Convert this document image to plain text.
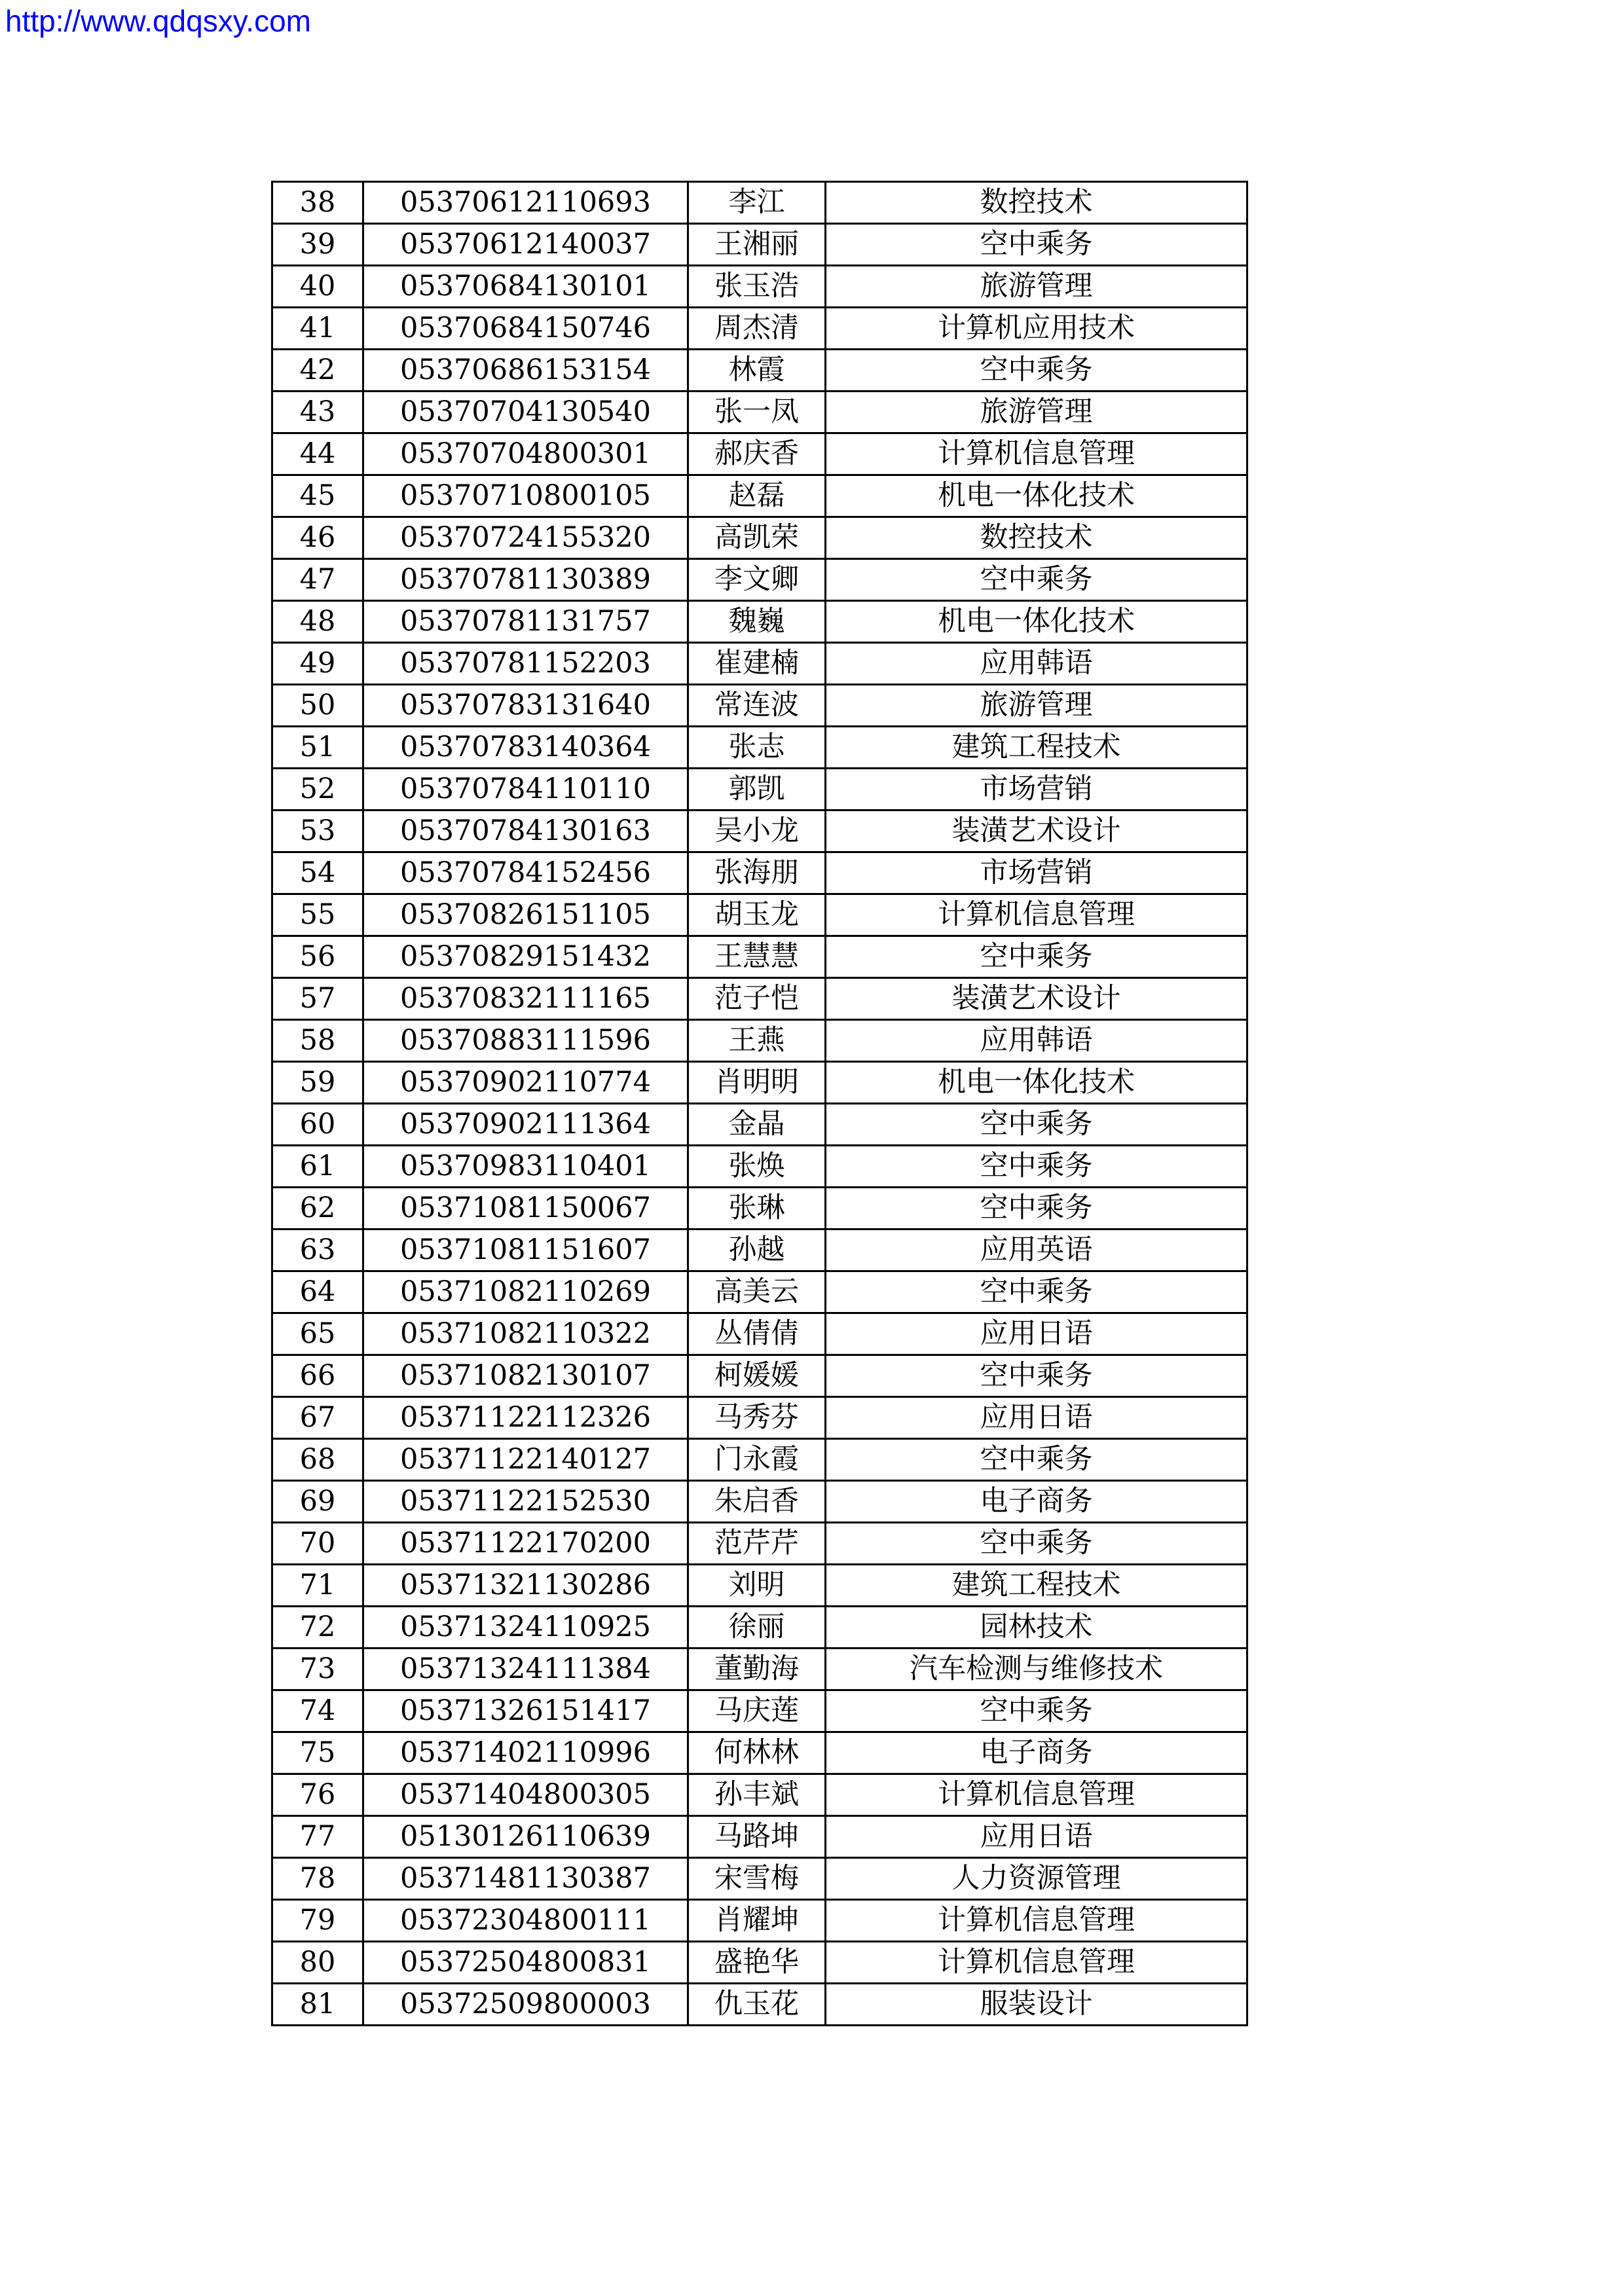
http://www.qdqsxy.com
38	05370612110693	李江	数控技术
39	05370612140037	王湘丽	空中乘务
40	05370684130101	张玉浩	旅游管理
41	05370684150746	周杰清	计算机应用技术
42	05370686153154	林霞	空中乘务
43	05370704130540	张一凤	旅游管理
44	05370704800301	郝庆香	计算机信息管理
45	05370710800105	赵磊	机电一体化技术
46	05370724155320	高凯荣	数控技术
47	05370781130389	李文卿	空中乘务
48	05370781131757	魏巍	机电一体化技术
49	05370781152203	崔建楠	应用韩语
50	05370783131640	常连波	旅游管理
51	05370783140364	张志	建筑工程技术
52	05370784110110	郭凯	市场营销
53	05370784130163	吴小龙	装潢艺术设计
54	05370784152456	张海朋	市场营销
55	05370826151105	胡玉龙	计算机信息管理
56	05370829151432	王慧慧	空中乘务
57	05370832111165	范子恺	装潢艺术设计
58	05370883111596	王燕	应用韩语
59	05370902110774	肖明明	机电一体化技术
60	05370902111364	金晶	空中乘务
61	05370983110401	张焕	空中乘务
62	05371081150067	张琳	空中乘务
63	05371081151607	孙越	应用英语
64	05371082110269	高美云	空中乘务
65	05371082110322	丛倩倩	应用日语
66	05371082130107	柯媛媛	空中乘务
67	05371122112326	马秀芬	应用日语
68	05371122140127	门永霞	空中乘务
69	05371122152530	朱启香	电子商务
70	05371122170200	范芹芹	空中乘务
71	05371321130286	刘明	建筑工程技术
72	05371324110925	徐丽	园林技术
73	05371324111384	董勤海	汽车检测与维修技术
74	05371326151417	马庆莲	空中乘务
75	05371402110996	何林林	电子商务
76	05371404800305	孙丰斌	计算机信息管理
77	05130126110639	马路坤	应用日语
78	05371481130387	宋雪梅	人力资源管理
79	05372304800111	肖耀坤	计算机信息管理
80	05372504800831	盛艳华	计算机信息管理
81	05372509800003	仇玉花	服装设计
